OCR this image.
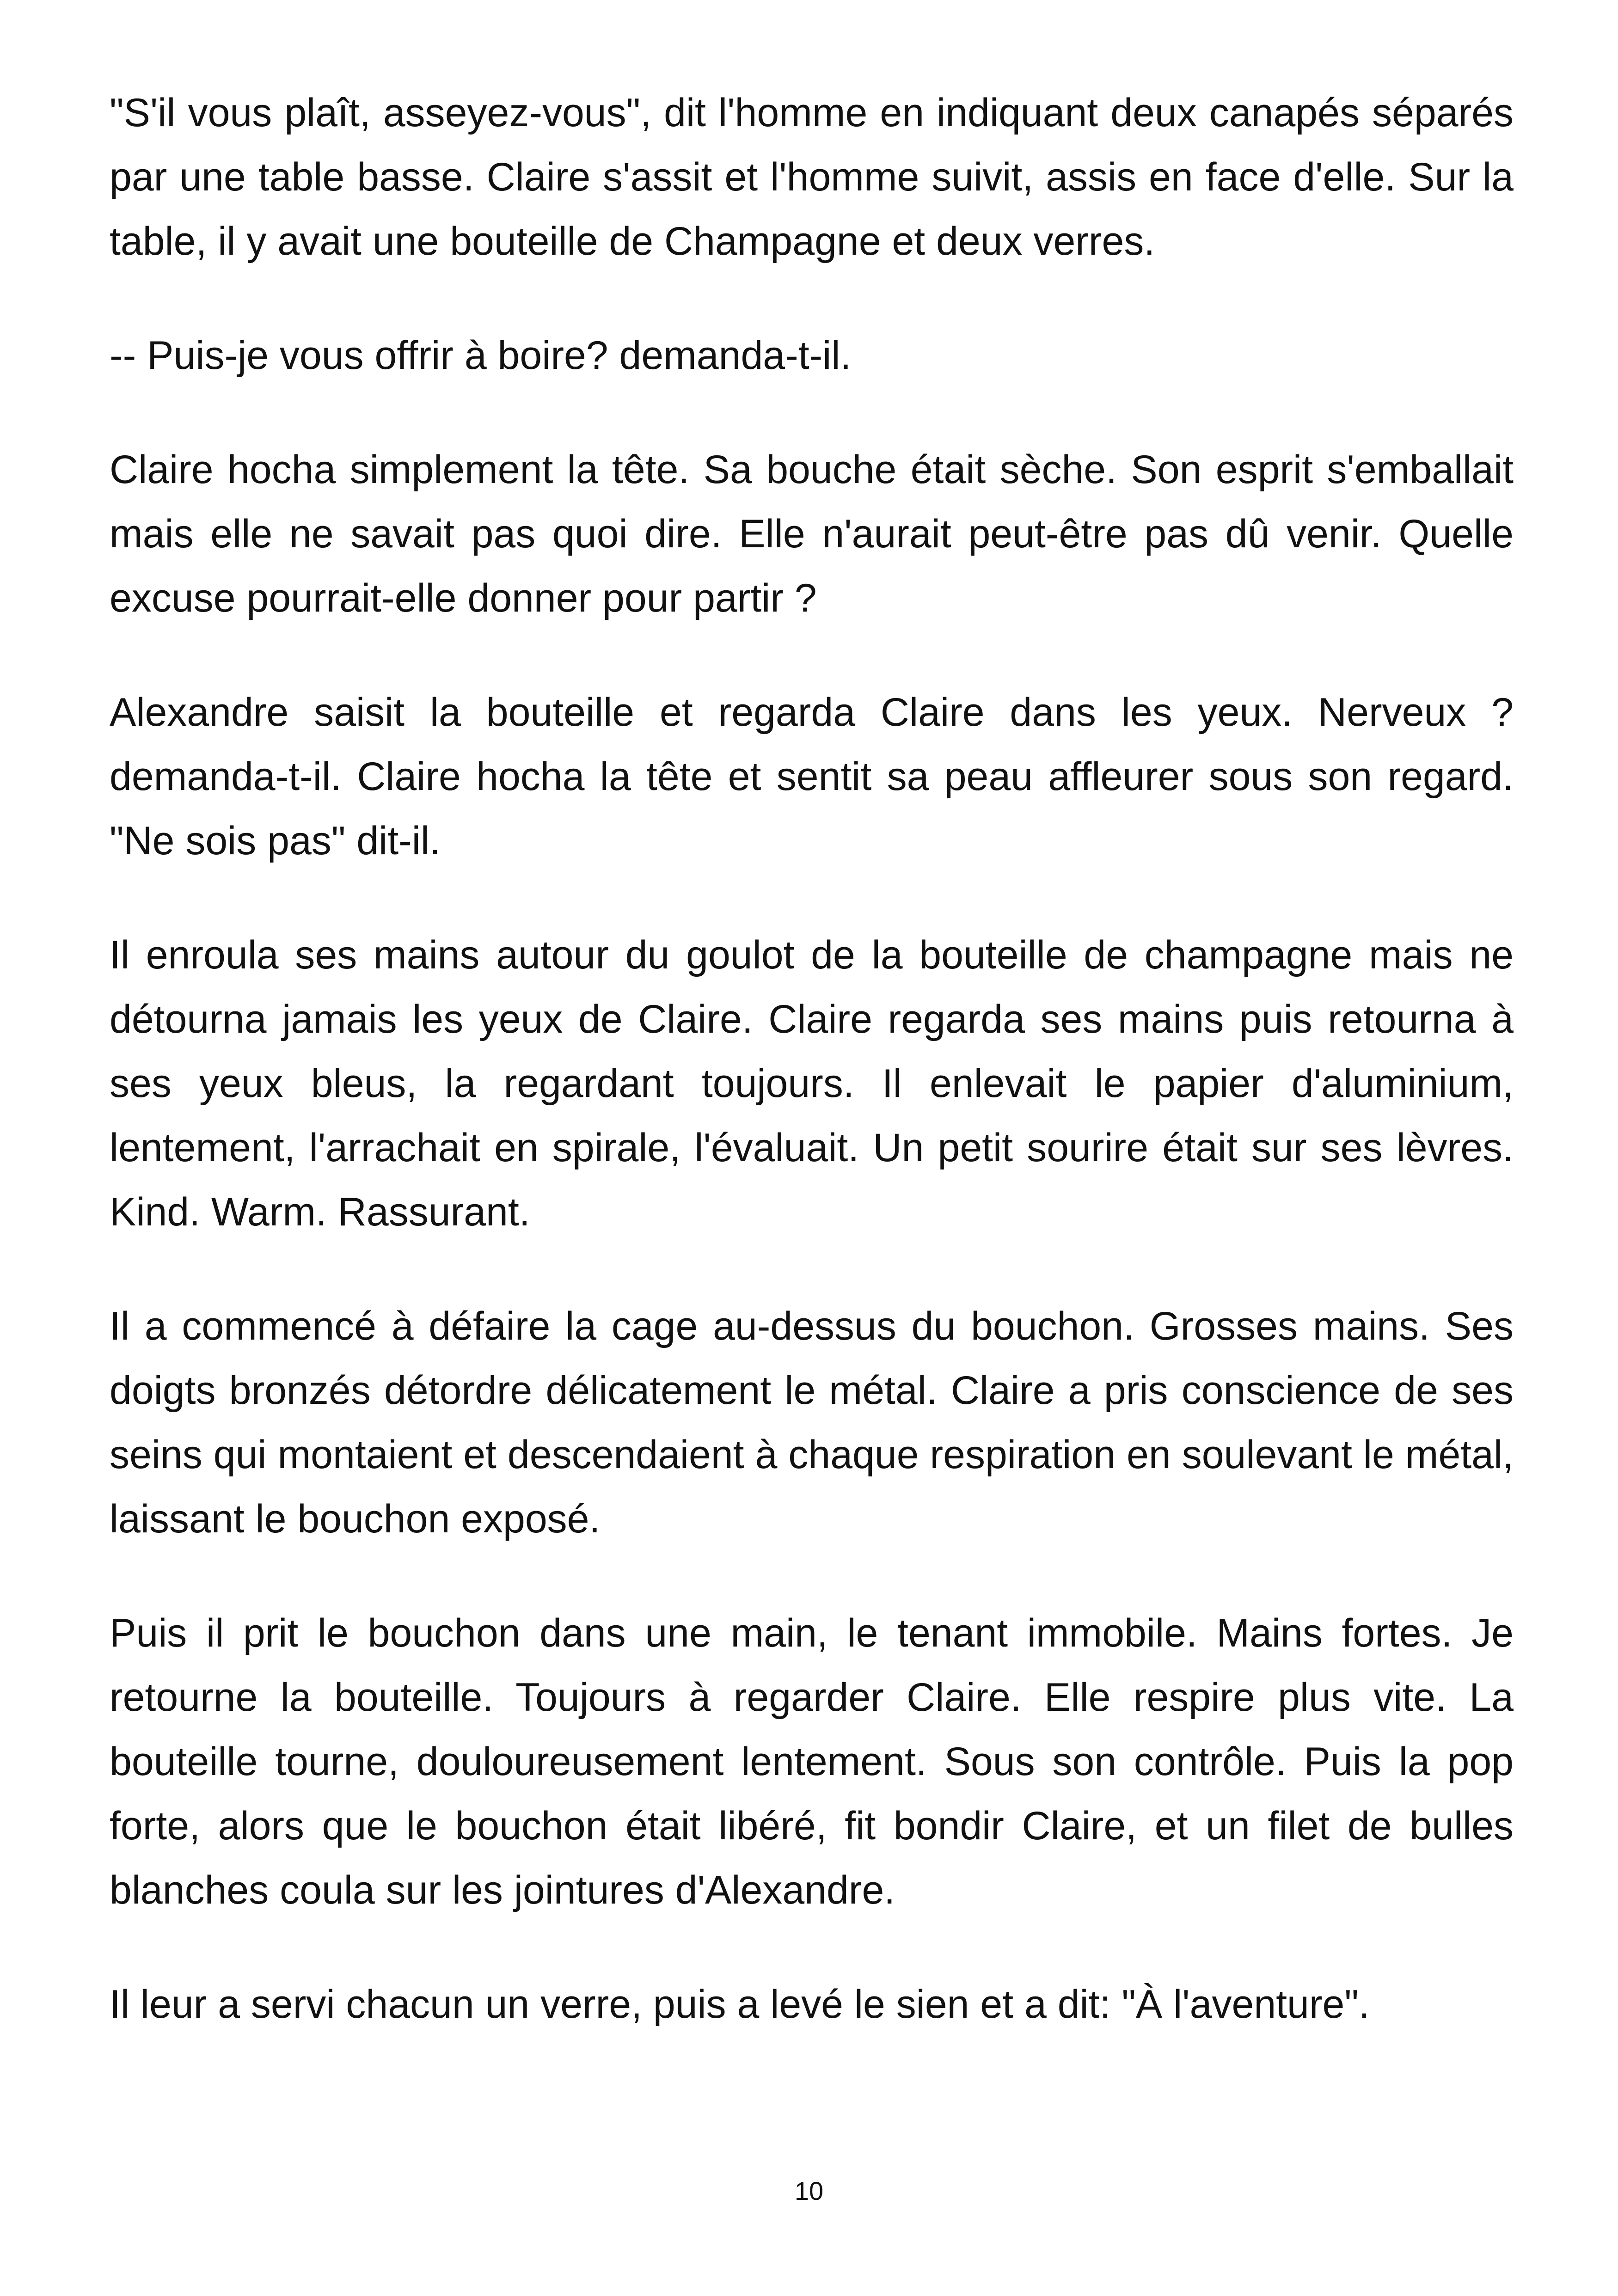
"S'il vous plaît, asseyez-vous", dit l'homme en indiquant deux canapés séparés par une table basse. Claire s'assit et l'homme suivit, assis en face d'elle. Sur la table, il y avait une bouteille de Champagne et deux verres.

-- Puis-je vous offrir à boire? demanda-t-il.

Claire hocha simplement la tête. Sa bouche était sèche. Son esprit s'emballait mais elle ne savait pas quoi dire. Elle n'aurait peut-être pas dû venir. Quelle excuse pourrait-elle donner pour partir ?

Alexandre saisit la bouteille et regarda Claire dans les yeux. Nerveux ? demanda-t-il. Claire hocha la tête et sentit sa peau affleurer sous son regard. "Ne sois pas" dit-il.

Il enroula ses mains autour du goulot de la bouteille de champagne mais ne détourna jamais les yeux de Claire. Claire regarda ses mains puis retourna à ses yeux bleus, la regardant toujours. Il enlevait le papier d'aluminium, lentement, l'arrachait en spirale, l'évaluait. Un petit sourire était sur ses lèvres. Kind. Warm. Rassurant.

Il a commencé à défaire la cage au-dessus du bouchon. Grosses mains. Ses doigts bronzés détordre délicatement le métal. Claire a pris conscience de ses seins qui montaient et descendaient à chaque respiration en soulevant le métal, laissant le bouchon exposé.

Puis il prit le bouchon dans une main, le tenant immobile. Mains fortes. Je retourne la bouteille. Toujours à regarder Claire. Elle respire plus vite. La bouteille tourne, douloureusement lentement. Sous son contrôle. Puis la pop forte, alors que le bouchon était libéré, fit bondir Claire, et un filet de bulles blanches coula sur les jointures d'Alexandre.

Il leur a servi chacun un verre, puis a levé le sien et a dit: "À l'aventure".

10
